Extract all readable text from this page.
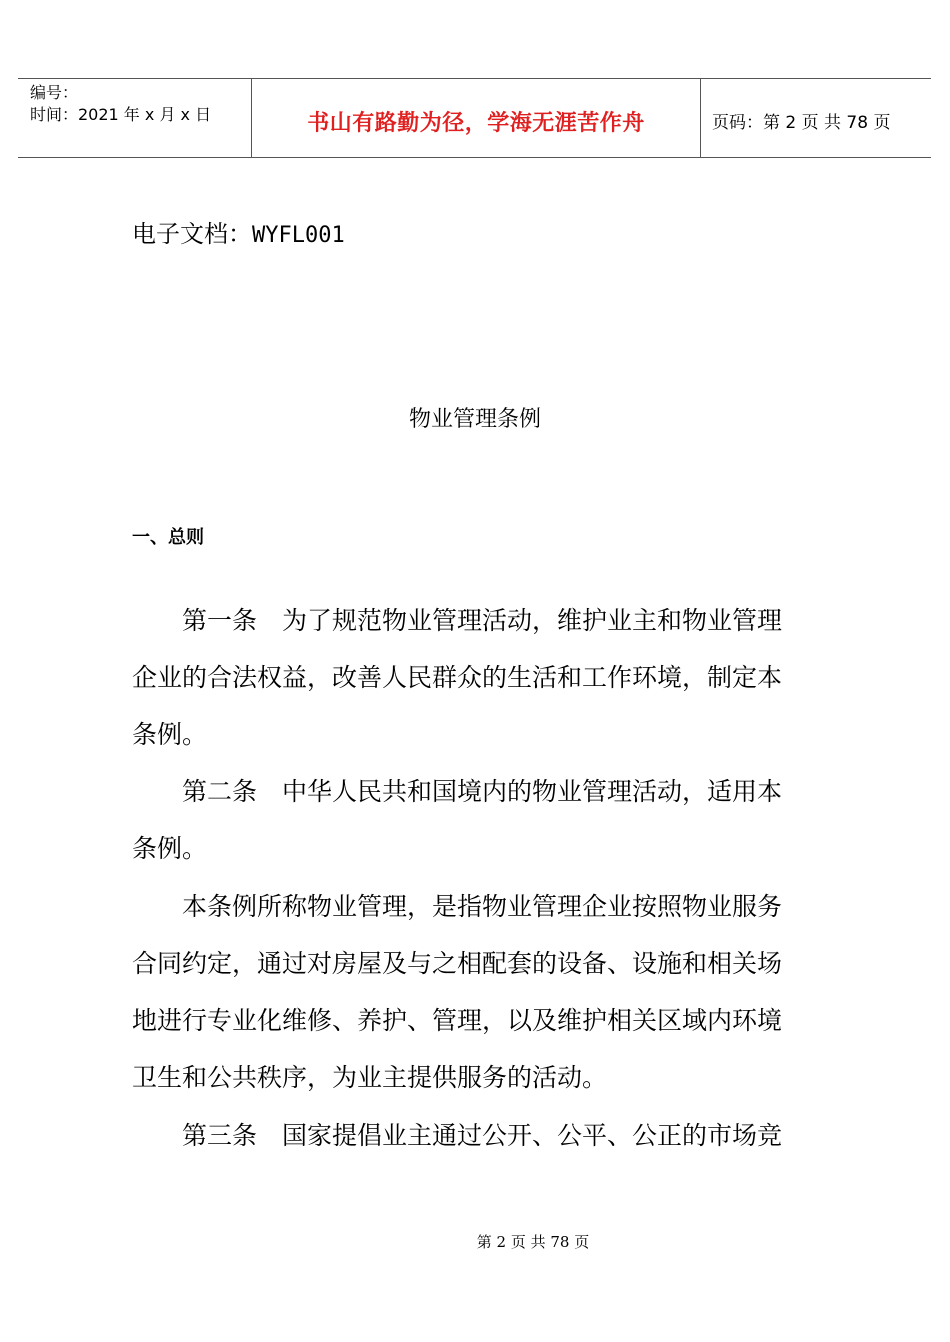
编号：
时间：2021 年 x 月 x 日	书山有路勤为径，学海无涯苦作舟	页码：第 2 页 共 78 页
电子文档：WYFL001
物业管理条例
一、总则
第一条　为了规范物业管理活动，维护业主和物业管理
企业的合法权益，改善人民群众的生活和工作环境，制定本
条例。
第二条　中华人民共和国境内的物业管理活动，适用本
条例。
本条例所称物业管理，是指物业管理企业按照物业服务
合同约定，通过对房屋及与之相配套的设备、设施和相关场
地进行专业化维修、养护、管理，以及维护相关区域内环境
卫生和公共秩序，为业主提供服务的活动。
第三条　国家提倡业主通过公开、公平、公正的市场竞
第 2 页 共 78 页
